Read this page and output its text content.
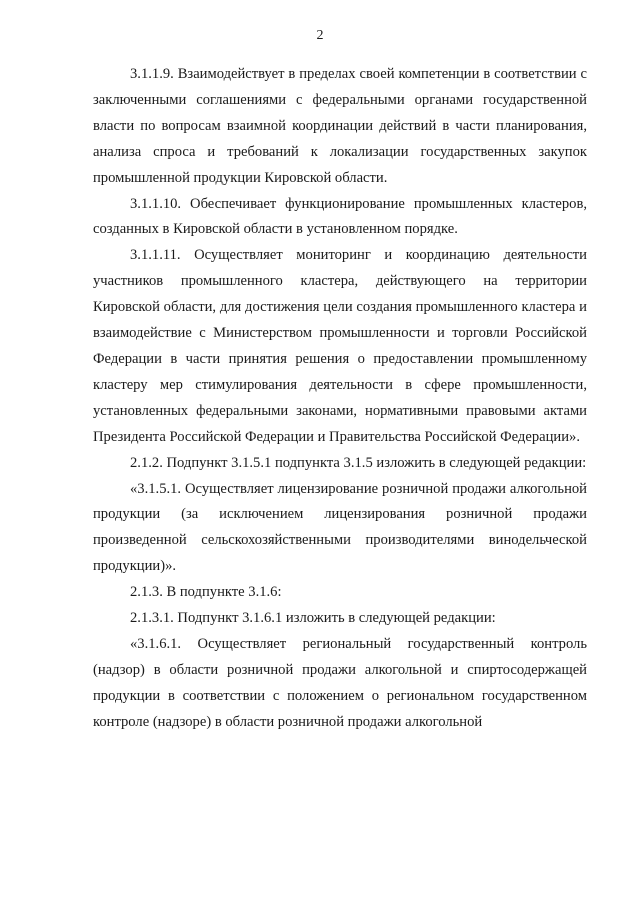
2

3.1.1.9. Взаимодействует в пределах своей компетенции в соответствии с заключенными соглашениями с федеральными органами государственной власти по вопросам взаимной координации действий в части планирования, анализа спроса и требований к локализации государственных закупок промышленной продукции Кировской области.

3.1.1.10. Обеспечивает функционирование промышленных кластеров, созданных в Кировской области в установленном порядке.

3.1.1.11. Осуществляет мониторинг и координацию деятельности участников промышленного кластера, действующего на территории Кировской области, для достижения цели создания промышленного кластера и взаимодействие с Министерством промышленности и торговли Российской Федерации в части принятия решения о предоставлении промышленному кластеру мер стимулирования деятельности в сфере промышленности, установленных федеральными законами, нормативными правовыми актами Президента Российской Федерации и Правительства Российской Федерации».

2.1.2. Подпункт 3.1.5.1 подпункта 3.1.5 изложить в следующей редакции:

«3.1.5.1. Осуществляет лицензирование розничной продажи алкогольной продукции (за исключением лицензирования розничной продажи произведенной сельскохозяйственными производителями винодельческой продукции)».

2.1.3. В подпункте 3.1.6:

2.1.3.1. Подпункт 3.1.6.1 изложить в следующей редакции:

«3.1.6.1. Осуществляет региональный государственный контроль (надзор) в области розничной продажи алкогольной и спиртосодержащей продукции в соответствии с положением о региональном государственном контроле (надзоре) в области розничной продажи алкогольной
